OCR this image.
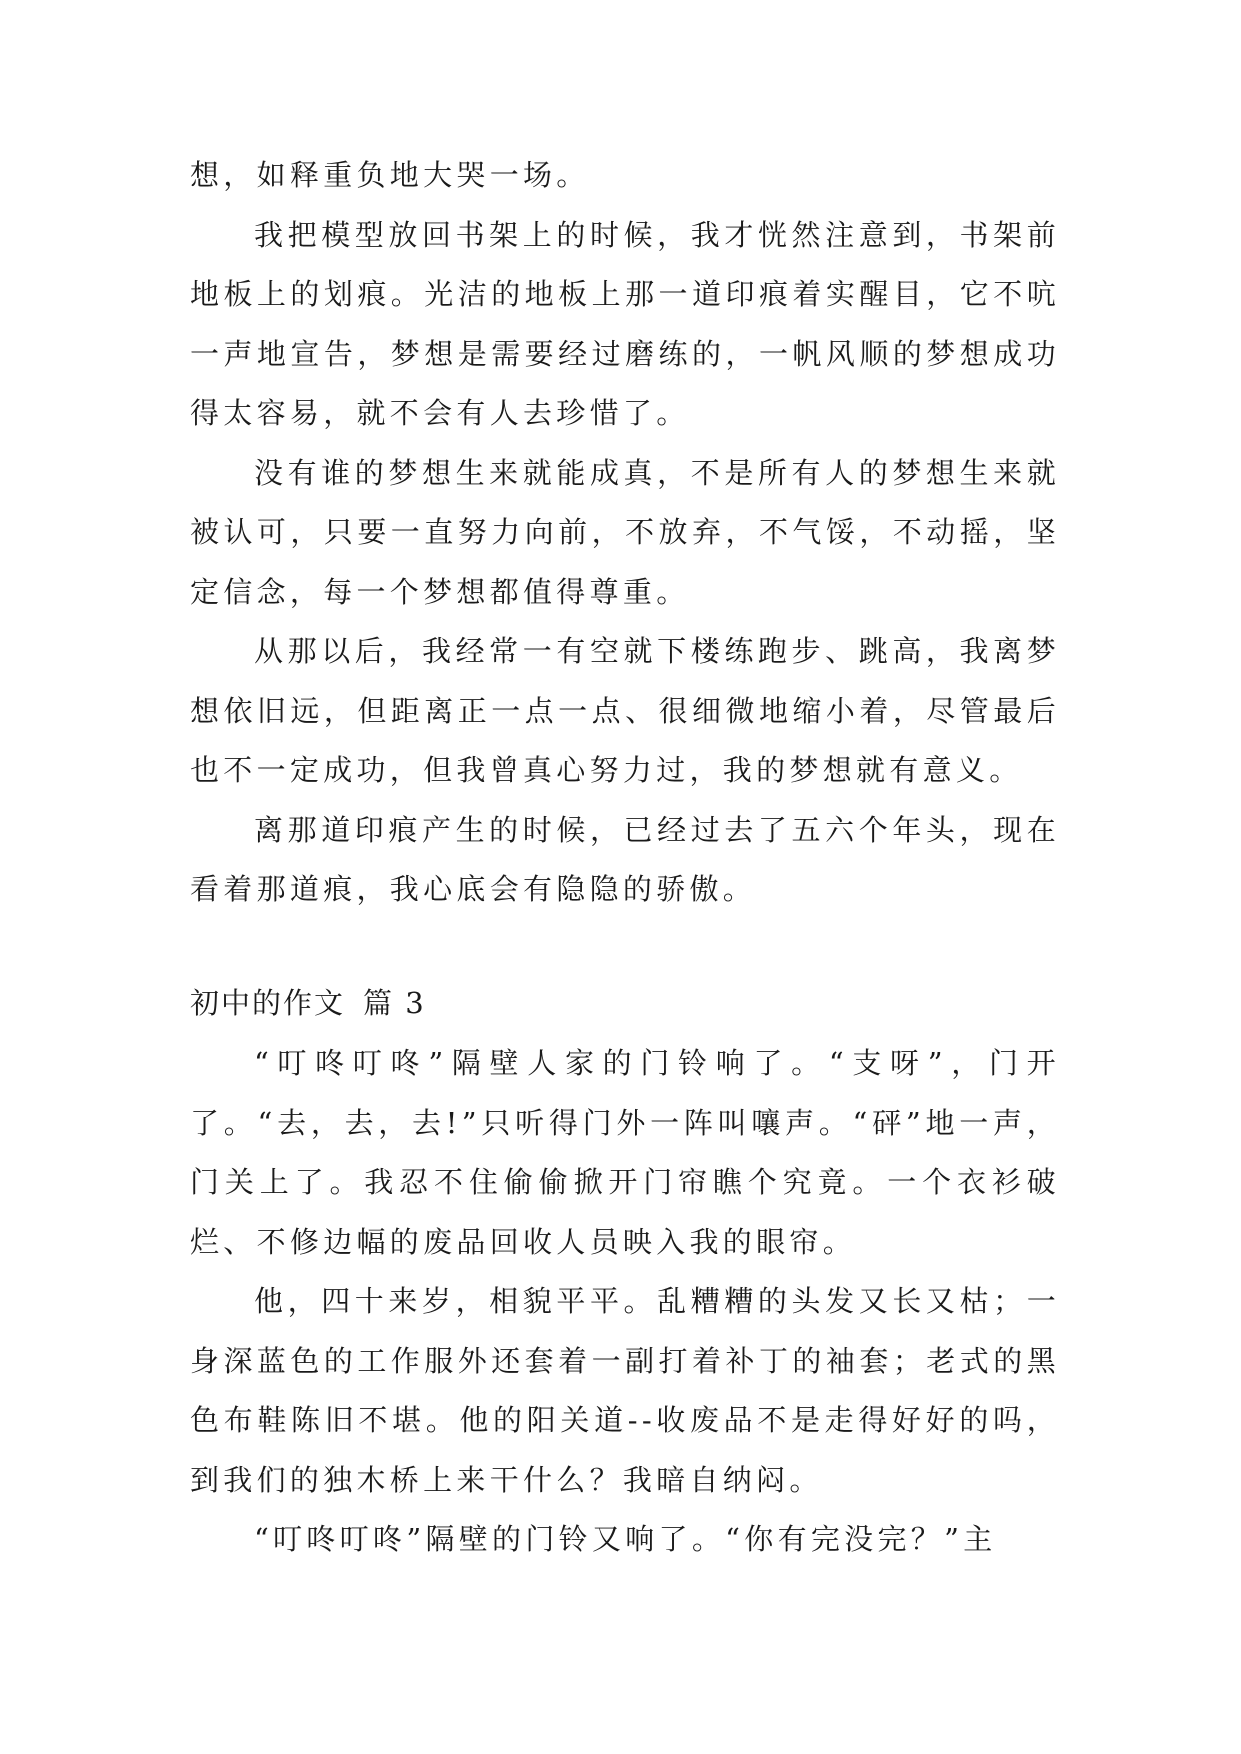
想，如释重负地大哭一场。

我把模型放回书架上的时候，我才恍然注意到，书架前地板上的划痕。光洁的地板上那一道印痕着实醒目，它不吭一声地宣告，梦想是需要经过磨练的，一帆风顺的梦想成功得太容易，就不会有人去珍惜了。

没有谁的梦想生来就能成真，不是所有人的梦想生来就被认可，只要一直努力向前，不放弃，不气馁，不动摇，坚定信念，每一个梦想都值得尊重。

从那以后，我经常一有空就下楼练跑步、跳高，我离梦想依旧远，但距离正一点一点、很细微地缩小着，尽管最后也不一定成功，但我曾真心努力过，我的梦想就有意义。

离那道印痕产生的时候，已经过去了五六个年头，现在看着那道痕，我心底会有隐隐的骄傲。

初中的作文 篇 3

“叮咚叮咚”隔壁人家的门铃响了。“支呀”，门开了。“去，去，去!”只听得门外一阵叫嚷声。“砰”地一声，门关上了。我忍不住偷偷掀开门帘瞧个究竟。一个衣衫破烂、不修边幅的废品回收人员映入我的眼帘。

他，四十来岁，相貌平平。乱糟糟的头发又长又枯；一身深蓝色的工作服外还套着一副打着补丁的袖套；老式的黑色布鞋陈旧不堪。他的阳关道--收废品不是走得好好的吗，到我们的独木桥上来干什么？我暗自纳闷。

“叮咚叮咚”隔壁的门铃又响了。“你有完没完？”主
